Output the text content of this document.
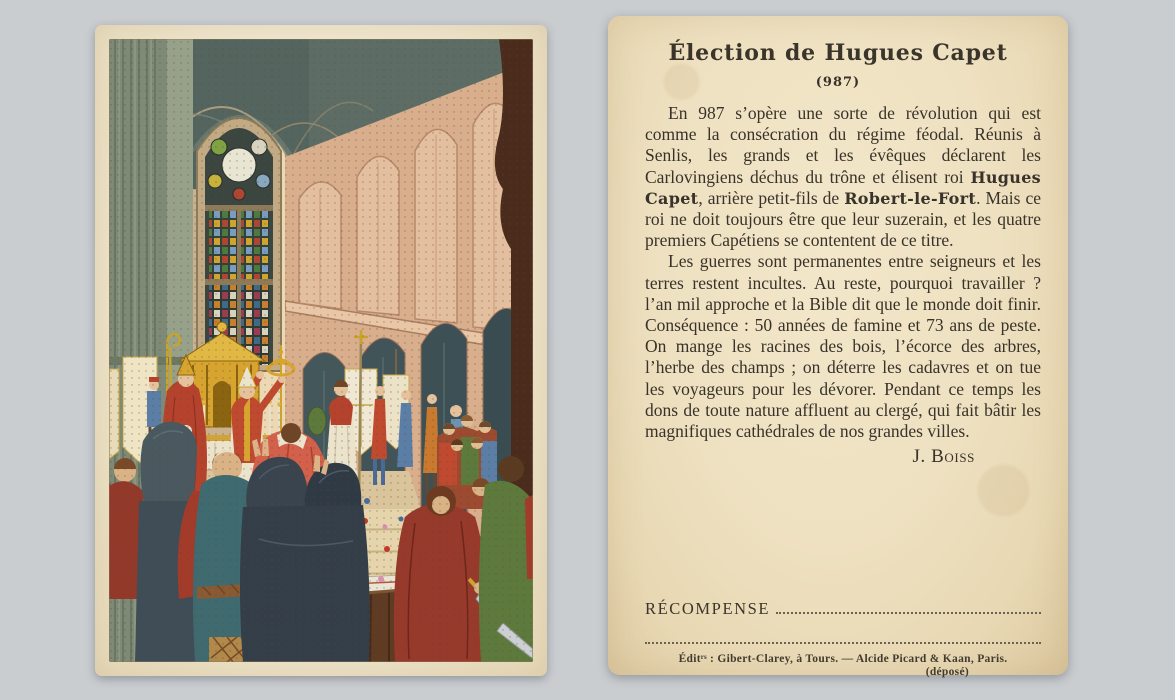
Élection de Hugues Capet
(987)

En 987 s’opère une sorte de révolution qui est comme la consécration du régime féodal. Réunis à Senlis, les grands et les évêques déclarent les Carlovingiens déchus du trône et élisent roi Hugues Capet, arrière petit-fils de Robert-le-Fort. Mais ce roi ne doit toujours être que leur suzerain, et les quatre premiers Capétiens se contentent de ce titre.

Les guerres sont permanentes entre seigneurs et les terres restent incultes. Au reste, pourquoi travailler ? l’an mil approche et la Bible dit que le monde doit finir. Conséquence : 50 années de famine et 73 ans de peste. On mange les racines des bois, l’écorce des arbres, l’herbe des champs ; on déterre les cadavres et on tue les voyageurs pour les dévorer. Pendant ce temps les dons de toute nature affluent au clergé, qui fait bâtir les magnifiques cathédrales de nos grandes villes.

J. Boiss
RÉCOMPENSE
Éditʳˢ : Gibert-Clarey, à Tours. — Alcide Picard & Kaan, Paris.
(déposé)
